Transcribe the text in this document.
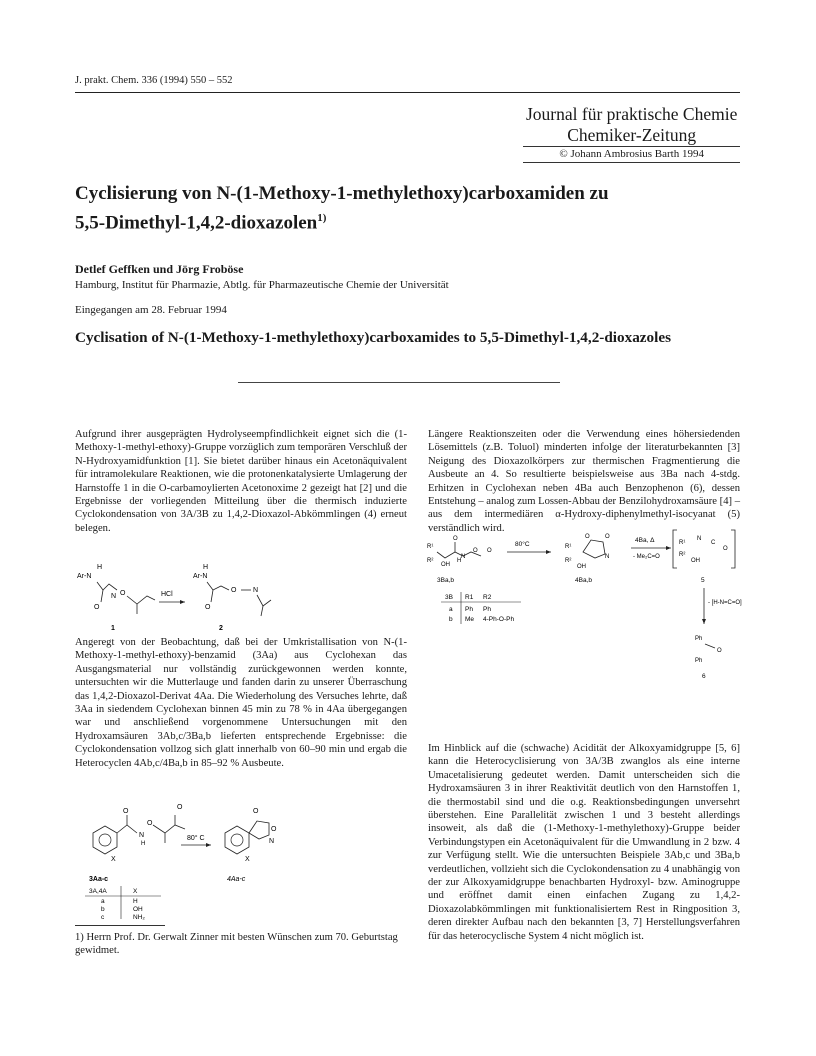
J. prakt. Chem. 336 (1994) 550 – 552
Journal für praktische Chemie
Chemiker-Zeitung
© Johann Ambrosius Barth 1994
Cyclisierung von N-(1-Methoxy-1-methylethoxy)carboxamiden zu
5,5-Dimethyl-1,4,2-dioxazolen$^{1)}$
Detlef Geffken und Jörg Froböse
Hamburg, Institut für Pharmazie, Abtlg. für Pharmazeutische Chemie der Universität
Eingegangen am 28. Februar 1994
Cyclisation of N-(1-Methoxy-1-methylethoxy)carboxamides to 5,5-Dimethyl-1,4,2-dioxazoles
Aufgrund ihrer ausgeprägten Hydrolyseempfindlichkeit eignet sich die (1-Methoxy-1-methyl-ethoxy)-Gruppe vorzüglich zum temporären Verschluß der N-Hydroxyamidfunktion [1]. Sie bietet darüber hinaus ein Acetonäquivalent für intramolekulare Reaktionen, wie die protonenkatalysierte Umlagerung der Harnstoffe 1 in die O-carbamoylierten Acetonoxime 2 gezeigt hat [2] und die Ergebnisse der vorliegenden Mitteilung über die thermisch induzierte Cyclokondensation von 3A/3B zu 1,4,2-Dioxazol-Abkömmlingen (4) erneut belegen.
H
Ar-N
O
N O	HCl
H
Ar-N
O
O N
1	2
Angeregt von der Beobachtung, daß bei der Umkristallisation von N-(1-Methoxy-1-methyl-ethoxy)-benzamid (3Aa) aus Cyclohexan das Ausgangsmaterial nur vollständig zurückgewonnen werden konnte, untersuchten wir die Mutterlauge und fanden darin zu unserer Überraschung das 1,4,2-Dioxazol-Derivat 4Aa. Die Wiederholung des Versuches lehrte, daß 3Aa in siedendem Cyclohexan binnen 45 min zu 78 % in 4Aa übergegangen war und anschließend vorgenommene Untersuchungen mit den Hydroxamsäuren 3Ab,c/3Ba,b lieferten entsprechende Ergebnisse: die Cyclokondensation vollzog sich glatt innerhalb von 60–90 min und ergab die Heterocyclen 4Ab,c/4Ba,b in 85–92 % Ausbeute.
O
N
H
O
O
X
80° C
O
O
N
X
3Aa-c	4Aa-c
3A,4A	X
a	H
b	OH
c	NH₂
1) Herrn Prof. Dr. Gerwalt Zinner mit besten Wünschen zum 70. Geburtstag gewidmet.
Längere Reaktionszeiten oder die Verwendung eines höhersiedenden Lösemittels (z.B. Toluol) minderten infolge der literaturbekannten [3] Neigung des Dioxazolkörpers zur thermischen Fragmentierung die Ausbeute an 4. So resultierte beispielsweise aus 3Ba nach 4-stdg. Erhitzen in Cyclohexan neben 4Ba auch Benzophenon (6), dessen Entstehung – analog zum Lossen-Abbau der Benzilohydroxamsäure [4] – aus dem intermediären α-Hydroxy-diphenylmethyl-isocyanat (5) verständlich wird.
R¹
R²
O
OH
H
N
O O
80°C	R¹
R²
O	O
N
OH
4Ba, Δ
- Me₂C=O
R¹
R²
N
C
O
OH
3Ba,b	4Ba,b	5
- [H-N=C=O]
Ph
O
Ph
6
3B R1 R2
a Ph Ph
b Me 4-Ph-O-Ph
Im Hinblick auf die (schwache) Acidität der Alkoxyamidgruppe [5, 6] kann die Heterocyclisierung von 3A/3B zwanglos als eine interne Umacetalisierung gedeutet werden. Damit unterscheiden sich die Hydroxamsäuren 3 in ihrer Reaktivität deutlich von den Harnstoffen 1, die thermostabil sind und die o.g. Reaktionsbedingungen unversehrt überstehen. Eine Parallelität zwischen 1 und 3 besteht allerdings insoweit, als daß die (1-Methoxy-1-methylethoxy)-Gruppe beider Verbindungstypen ein Acetonäquivalent für die Umwandlung in 2 bzw. 4 zur Verfügung stellt. Wie die untersuchten Beispiele 3Ab,c und 3Ba,b verdeutlichen, vollzieht sich die Cyclokondensation zu 4 unabhängig von der zur Alkoxyamidgruppe benachbarten Hydroxyl- bzw. Aminogruppe und eröffnet damit einen einfachen Zugang zu 1,4,2-Dioxazolabkömmlingen mit funktionalisiertem Rest in Ringposition 3, deren direkter Aufbau nach den bekannten [3, 7] Herstellungsverfahren für das heterocyclische System 4 nicht möglich ist.
